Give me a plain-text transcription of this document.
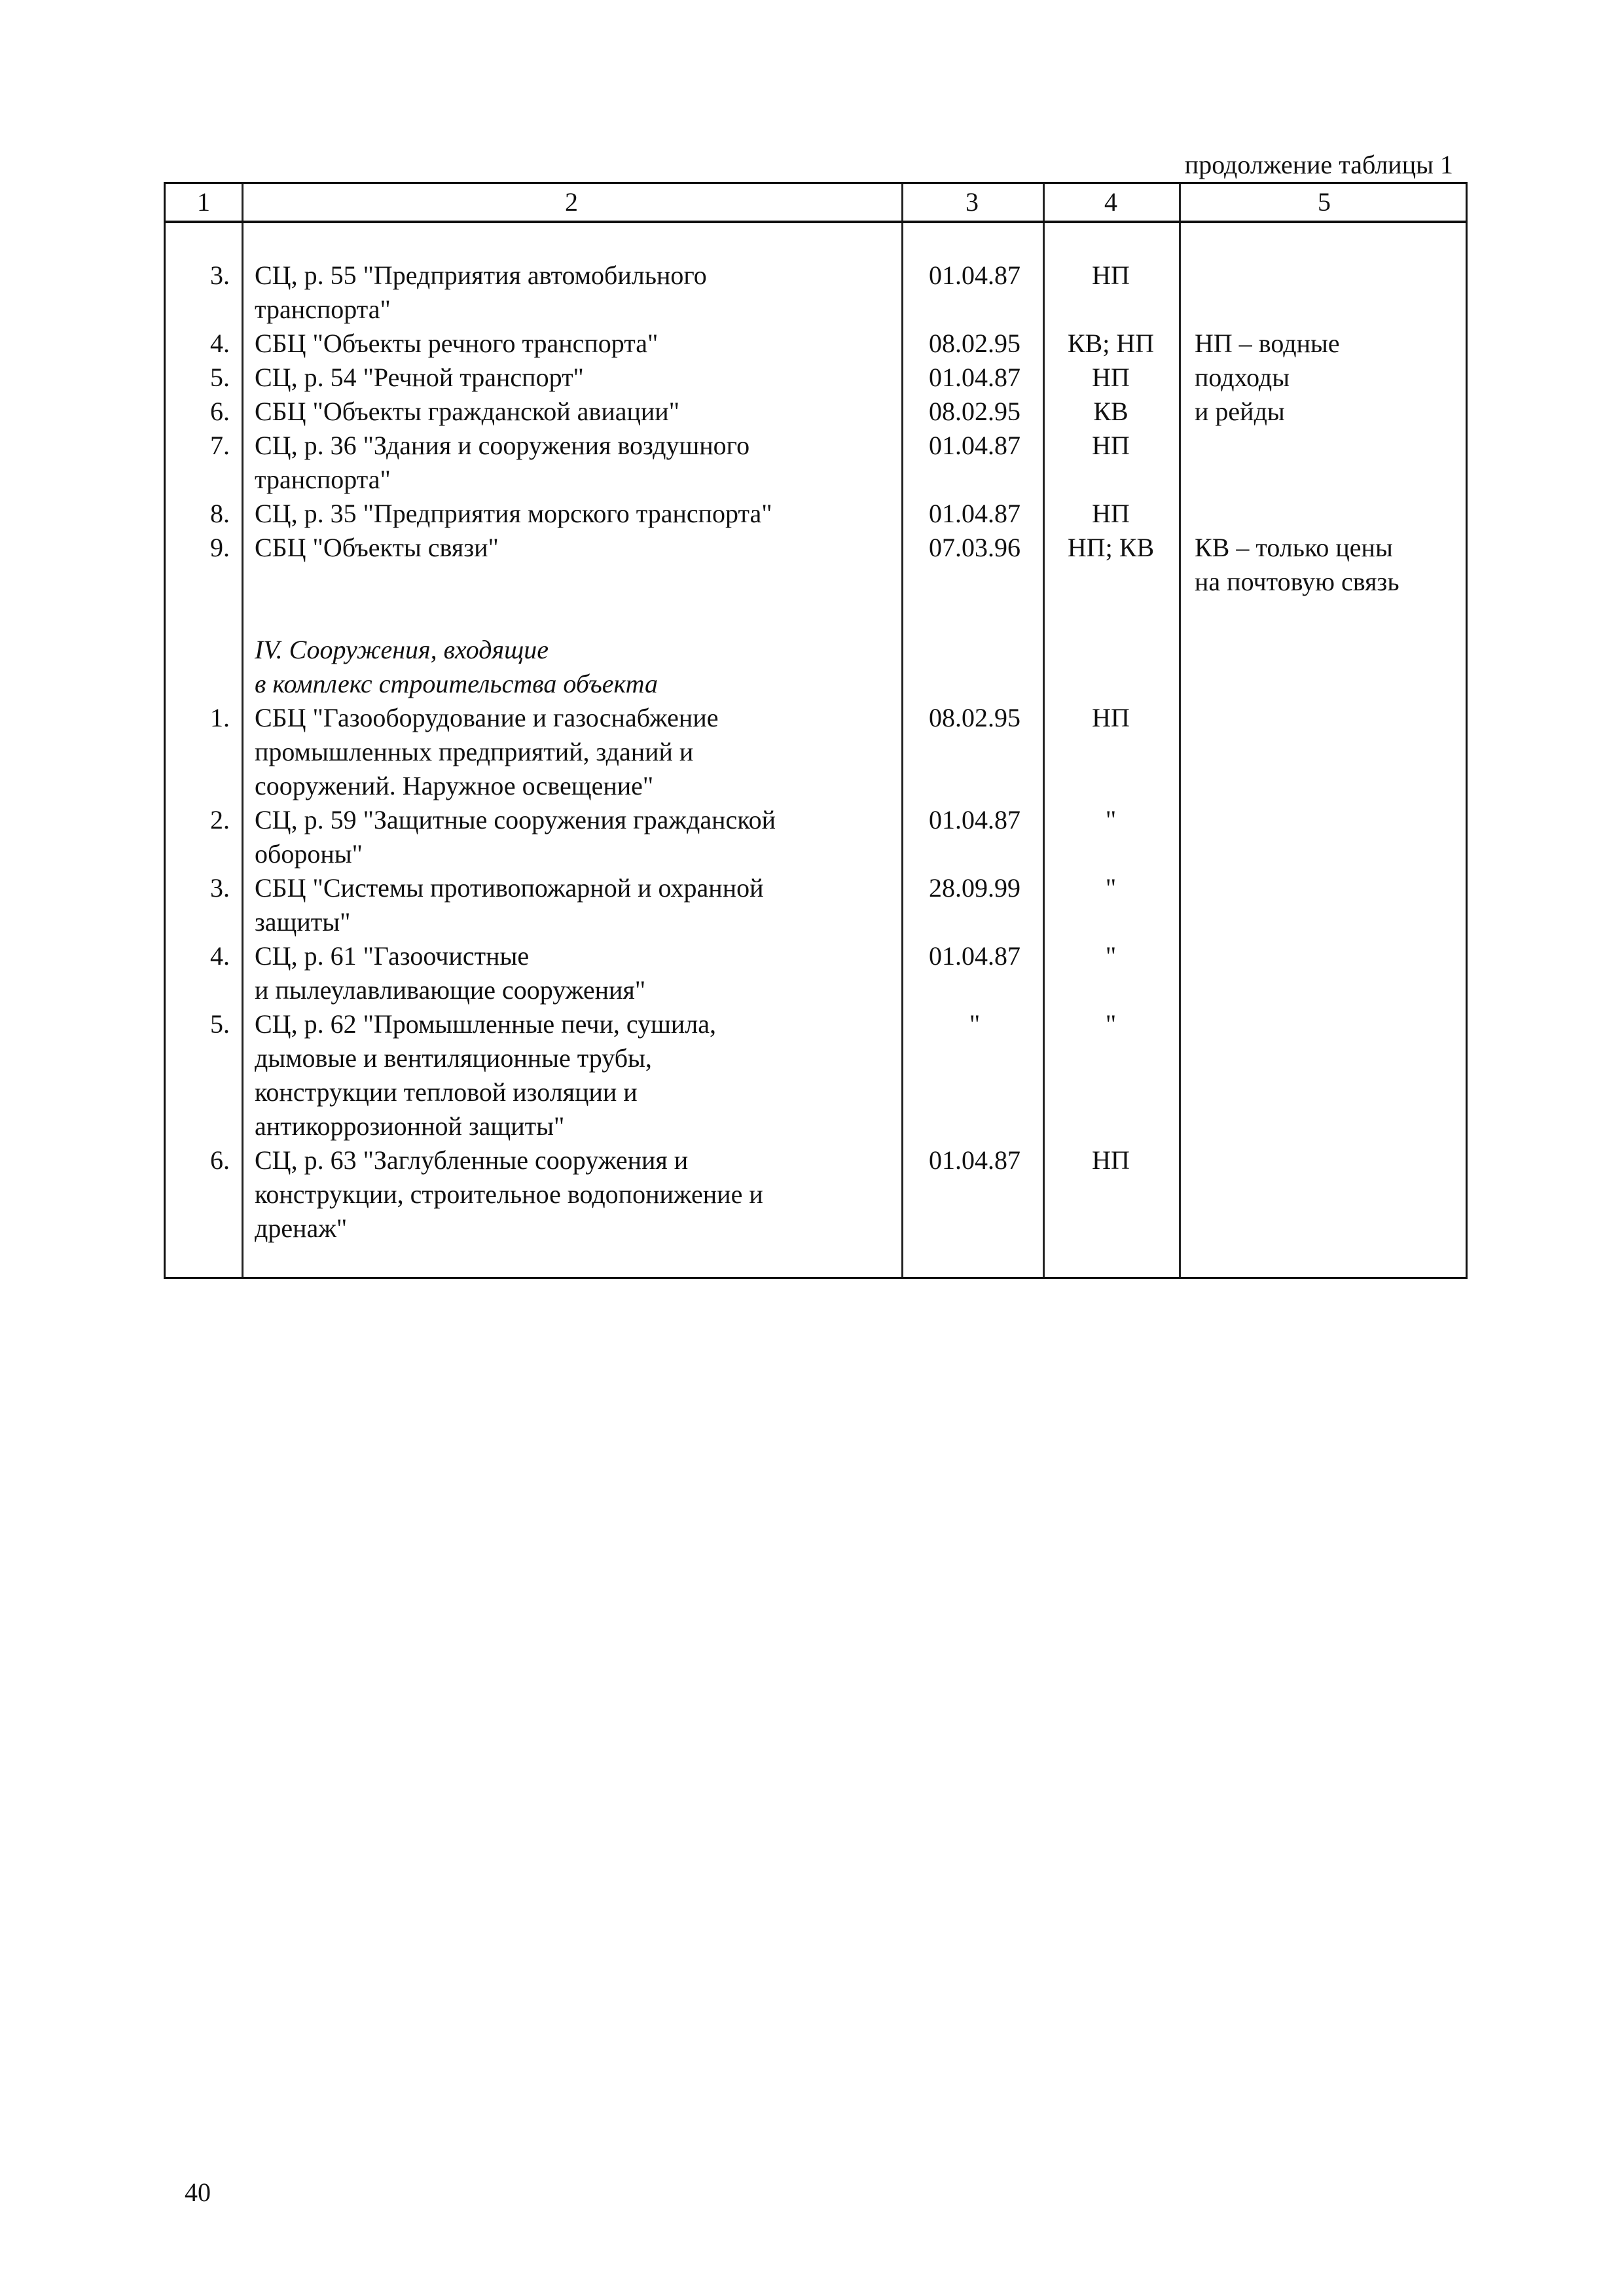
продолжение таблицы 1
1	2	3	4	5
3. СЦ, р. 55 "Предприятия автомобильного
транспорта"
01.04.87	НП
4. СБЦ "Объекты речного транспорта"	08.02.95	КВ; НП	НП – водные
подходы
и рейды
5. СЦ, р. 54 "Речной транспорт"	01.04.87	НП
6. СБЦ "Объекты гражданской авиации"	08.02.95	КВ
7. СЦ, р. 36 "Здания и сооружения воздушного
транспорта"
01.04.87	НП
8. СЦ, р. 35 "Предприятия морского транспорта"	01.04.87	НП
9. СБЦ "Объекты связи"	07.03.96	НП; КВ	КВ – только цены
на почтовую связь
IV. Сооружения, входящие
в комплекс строительства объекта
1. СБЦ "Газооборудование и газоснабжение
промышленных предприятий, зданий и
сооружений. Наружное освещение"
08.02.95	НП
2. СЦ, р. 59 "Защитные сооружения гражданской
обороны"
01.04.87	"
3. СБЦ "Системы противопожарной и охранной
защиты"
28.09.99	"
4. СЦ, р. 61 "Газоочистные
и пылеулавливающие сооружения"
01.04.87	"
5. СЦ, р. 62 "Промышленные печи, сушила,
дымовые и вентиляционные трубы,
конструкции тепловой изоляции и
антикоррозионной защиты"
"	"
6. СЦ, р. 63 "Заглубленные сооружения и
конструкции, строительное водопонижение и
дренаж"
01.04.87	НП
40
